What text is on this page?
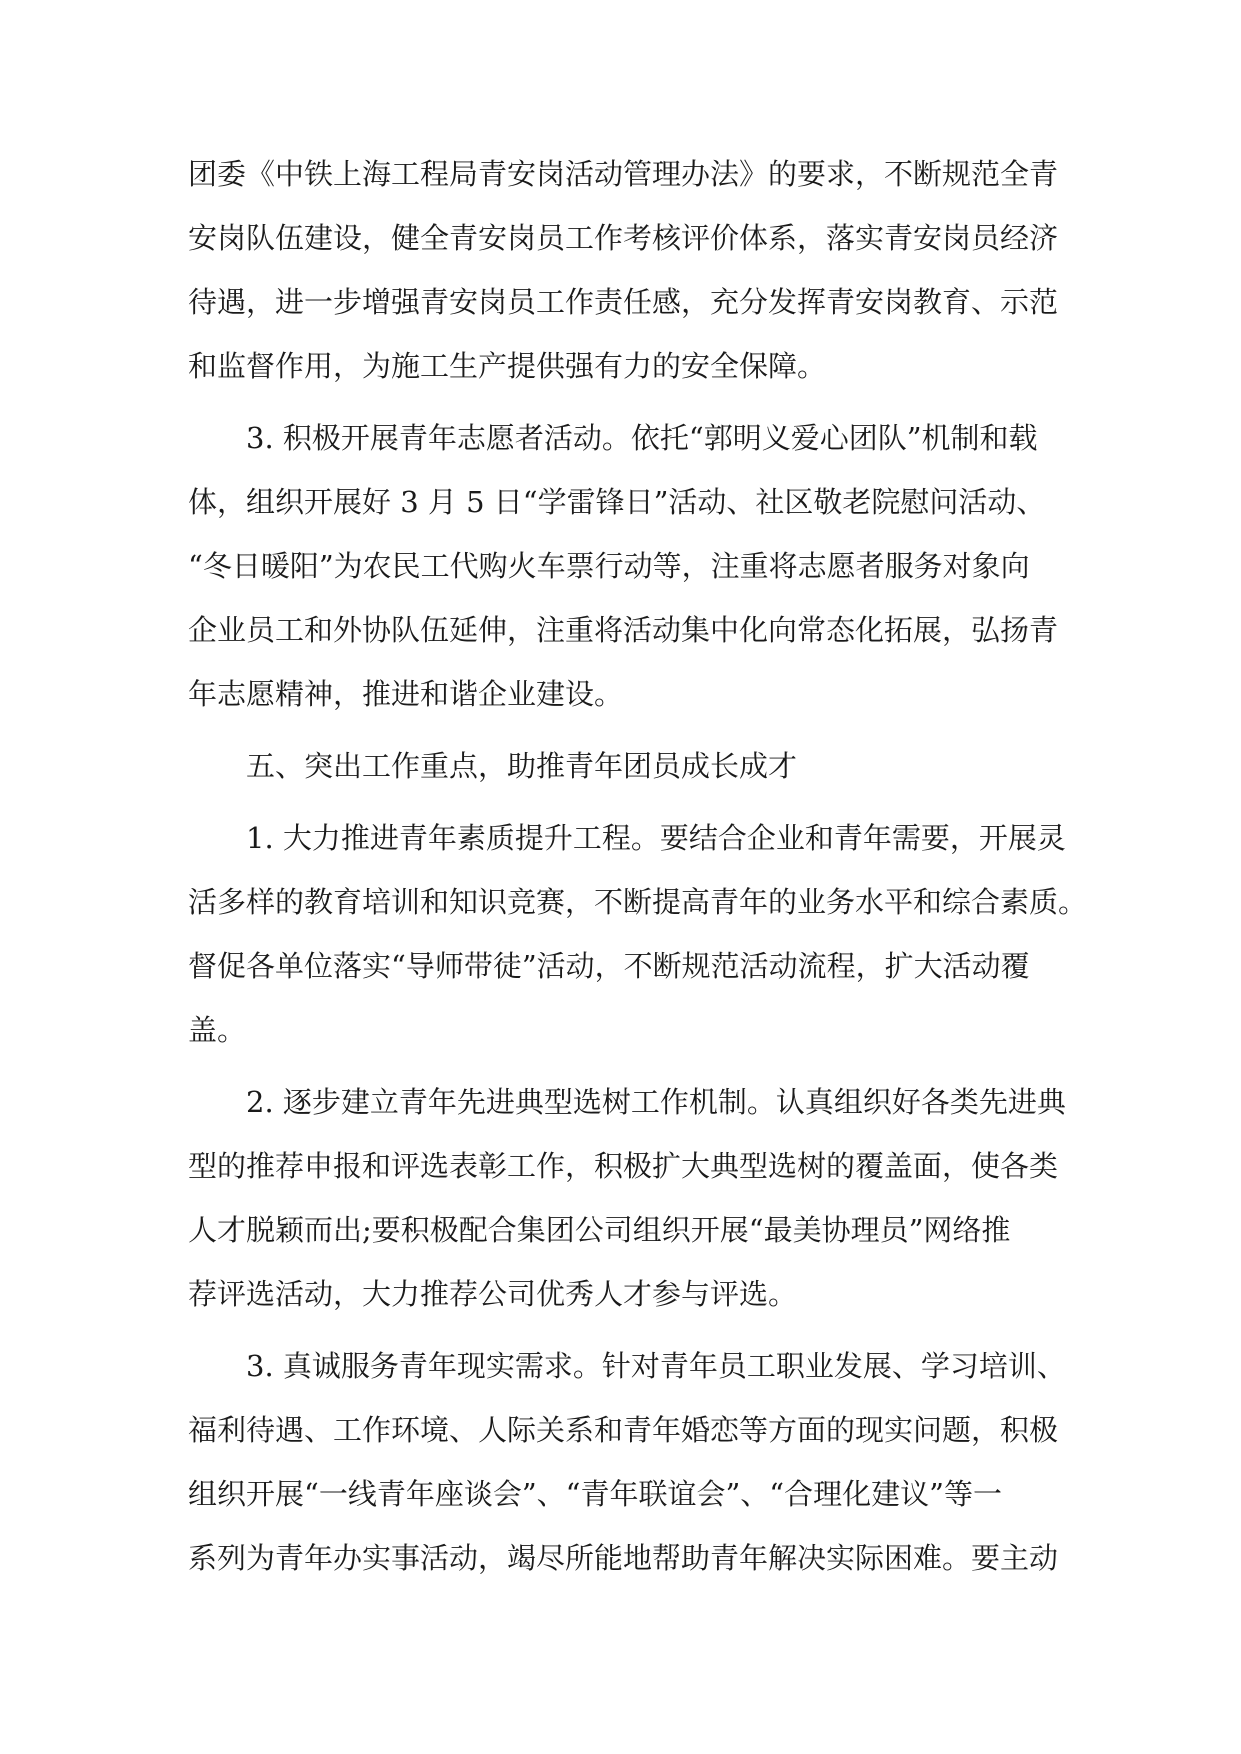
团委《中铁上海工程局青安岗活动管理办法》的要求，不断规范全青
安岗队伍建设，健全青安岗员工作考核评价体系，落实青安岗员经济
待遇，进一步增强青安岗员工作责任感，充分发挥青安岗教育、示范
和监督作用，为施工生产提供强有力的安全保障。
3. 积极开展青年志愿者活动。依托“郭明义爱心团队”机制和载
体，组织开展好 3 月 5 日“学雷锋日”活动、社区敬老院慰问活动、
“冬日暖阳”为农民工代购火车票行动等，注重将志愿者服务对象向
企业员工和外协队伍延伸，注重将活动集中化向常态化拓展，弘扬青
年志愿精神，推进和谐企业建设。
五、突出工作重点，助推青年团员成长成才
1. 大力推进青年素质提升工程。要结合企业和青年需要，开展灵
活多样的教育培训和知识竞赛，不断提高青年的业务水平和综合素质。
督促各单位落实“导师带徒”活动，不断规范活动流程，扩大活动覆
盖。
2. 逐步建立青年先进典型选树工作机制。认真组织好各类先进典
型的推荐申报和评选表彰工作，积极扩大典型选树的覆盖面，使各类
人才脱颖而出;要积极配合集团公司组织开展“最美协理员”网络推
荐评选活动，大力推荐公司优秀人才参与评选。
3. 真诚服务青年现实需求。针对青年员工职业发展、学习培训、
福利待遇、工作环境、人际关系和青年婚恋等方面的现实问题，积极
组织开展“一线青年座谈会”、“青年联谊会”、“合理化建议”等一
系列为青年办实事活动，竭尽所能地帮助青年解决实际困难。要主动
